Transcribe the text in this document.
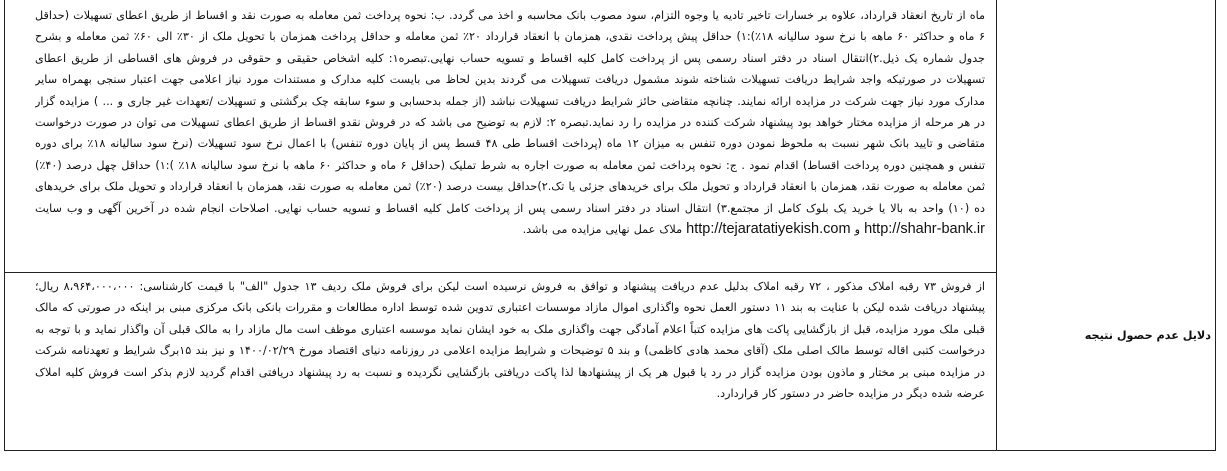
ماه از تاریخ انعقاد قرارداد، علاوه بر خسارات تاخیر تادیه یا وجوه التزام، سود مصوب بانک محاسبه و اخذ می گردد. ب: نحوه پرداخت ثمن معامله به صورت نقد و اقساط از طریق اعطای تسهیلات (حداقل ۶ ماه و حداکثر ۶۰ ماهه با نرخ سود سالیانه ۱۸٪):۱) حداقل پیش پرداخت نقدی، همزمان با انعقاد قرارداد ۲۰٪ ثمن معامله و حداقل پرداخت همزمان با تحویل ملک از ۳۰٪ الی ۶۰٪ ثمن معامله و بشرح جدول شماره یک ذیل.۲)انتقال اسناد در دفتر اسناد رسمی پس از پرداخت کامل کلیه اقساط و تسویه حساب نهایی.تبصره۱: کلیه اشخاص حقیقی و حقوقی در فروش های اقساطی از طریق اعطای تسهیلات در صورتیکه واجد شرایط دریافت تسهیلات شناخته شوند مشمول دریافت تسهیلات می گردند بدین لحاظ می بایست کلیه مدارک و مستندات مورد نیاز اعلامی جهت اعتبار سنجی بهمراه سایر مدارک مورد نیاز جهت شرکت در مزایده ارائه نمایند. چنانچه متقاضی حائز شرایط دریافت تسهیلات نباشد (از جمله بدحسابی و سوء سابقه چک برگشتی و تسهیلات /تعهدات غیر جاری و ... ) مزایده گزار در هر مرحله از مزایده مختار خواهد بود پیشنهاد شرکت کننده در مزایده را رد نماید.تبصره ۲: لازم به توضیح می باشد که در فروش نقدو اقساط از طریق اعطای تسهیلات می توان در صورت درخواست متقاضی و تایید بانک شهر نسبت به ملحوظ نمودن دوره تنفس به میزان ۱۲ ماه (پرداخت اقساط طی ۴۸ قسط پس از پایان دوره تنفس) با اعمال نرخ سود تسهیلات (نرخ سود سالیانه ۱۸٪ برای دوره تنفس و همچنین دوره پرداخت اقساط) اقدام نمود . ج: نحوه پرداخت ثمن معامله به صورت اجاره به شرط تملیک (حداقل ۶ ماه و حداکثر ۶۰ ماهه با نرخ سود سالیانه ۱۸٪ ):۱) حداقل چهل درصد (۴۰٪) ثمن معامله به صورت نقد، همزمان با انعقاد قرارداد و تحویل ملک برای خریدهای جزئی یا تک.۲)حداقل بیست درصد (۲۰٪) ثمن معامله به صورت نقد، همزمان با انعقاد قرارداد و تحویل ملک برای خریدهای ده (۱۰) واحد به بالا یا خرید یک بلوک کامل از مجتمع.۳) انتقال اسناد در دفتر اسناد رسمی پس از پرداخت کامل کلیه اقساط و تسویه حساب نهایی. اصلاحات انجام شده در آخرین آگهی و وب سایت http://shahr-bank.ir و http://tejaratatiyekish.com ملاک عمل نهایی مزایده می باشد.
از فروش ۷۳ رقبه املاک مذکور ، ۷۲ رقبه املاک بدلیل عدم دریافت پیشنهاد و توافق به فروش نرسیده است لیکن برای فروش ملک ردیف ۱۳ جدول "الف" با قیمت کارشناسی: ۸،۹۶۴،۰۰۰،۰۰۰ ریال؛ پیشنهاد دریافت شده لیکن با عنایت به بند ۱۱ دستور العمل نحوه واگذاری اموال مازاد موسسات اعتباری تدوین شده توسط اداره مطالعات و مقررات بانکی بانک مرکزی مبنی بر اینکه در صورتی که مالک قبلی ملک مورد مزایده، قبل از بازگشایی پاکت های مزایده کتباً اعلام آمادگی جهت واگذاری ملک به خود ایشان نماید موسسه اعتباری موظف است مال مازاد را به مالک قبلی آن واگذار نماید و با توجه به درخواست کتبی اقاله توسط مالک اصلی ملک (آقای محمد هادی کاظمی) و بند ۵ توضیحات و شرایط مزایده اعلامی در روزنامه دنیای اقتصاد مورخ ۱۴۰۰/۰۲/۲۹ و نیز بند ۱۵برگ شرایط و تعهدنامه شرکت در مزایده مبنی بر مختار و ماذون بودن مزایده گزار در رد یا قبول هر یک از پیشنهادها لذا پاکت دریافتی بازگشایی نگردیده و نسبت به رد پیشنهاد دریافتی اقدام گردید لازم بذکر است فروش کلیه املاک عرضه شده دیگر در مزایده حاضر در دستور کار قراردارد.
دلایل عدم حصول نتیجه
